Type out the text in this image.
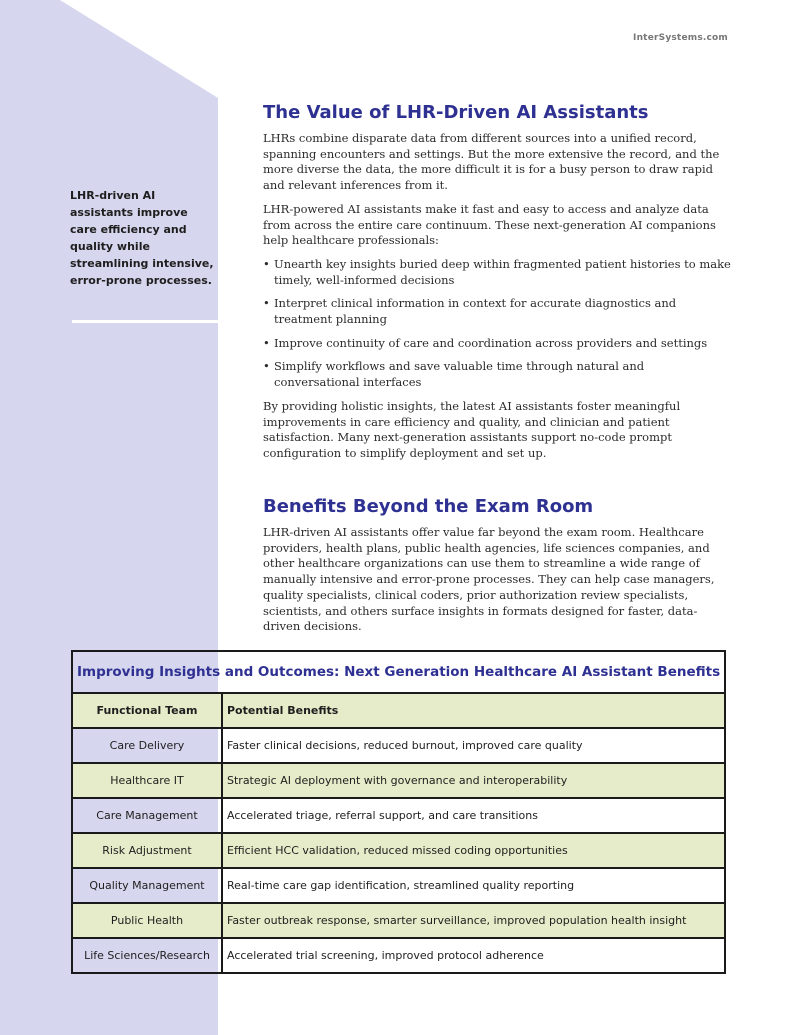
InterSystems.com
LHR-driven AI assistants improve care efficiency and quality while streamlining intensive, error-prone processes.
The Value of LHR-Driven AI Assistants

LHRs combine disparate data from different sources into a unified record, spanning encounters and settings. But the more extensive the record, and the more diverse the data, the more difficult it is for a busy person to draw rapid and relevant inferences from it.

LHR-powered AI assistants make it fast and easy to access and analyze data from across the entire care continuum. These next-generation AI companions help healthcare professionals:

• Unearth key insights buried deep within fragmented patient histories to make timely, well-informed decisions
• Interpret clinical information in context for accurate diagnostics and treatment planning
• Improve continuity of care and coordination across providers and settings
• Simplify workflows and save valuable time through natural and conversational interfaces

By providing holistic insights, the latest AI assistants foster meaningful improvements in care efficiency and quality, and clinician and patient satisfaction. Many next-generation assistants support no-code prompt configuration to simplify deployment and set up.

Benefits Beyond the Exam Room

LHR-driven AI assistants offer value far beyond the exam room. Healthcare providers, health plans, public health agencies, life sciences companies, and other healthcare organizations can use them to streamline a wide range of manually intensive and error-prone processes. They can help case managers, quality specialists, clinical coders, prior authorization review specialists, scientists, and others surface insights in formats designed for faster, data-driven decisions.

Improving Insights and Outcomes: Next Generation Healthcare AI Assistant Benefits
Functional Team	Potential Benefits
Care Delivery	Faster clinical decisions, reduced burnout, improved care quality
Healthcare IT	Strategic AI deployment with governance and interoperability
Care Management	Accelerated triage, referral support, and care transitions
Risk Adjustment	Efficient HCC validation, reduced missed coding opportunities
Quality Management	Real-time care gap identification, streamlined quality reporting
Public Health	Faster outbreak response, smarter surveillance, improved population health insight
Life Sciences/Research	Accelerated trial screening, improved protocol adherence
